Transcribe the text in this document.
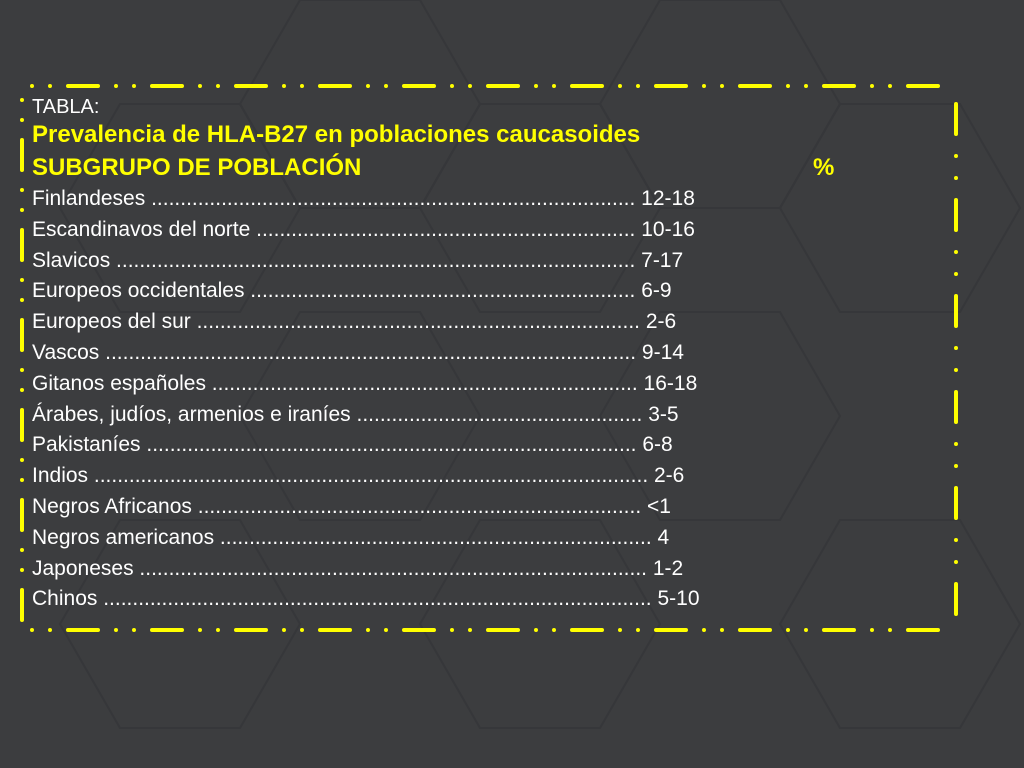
TABLA:

Prevalencia de HLA-B27 en poblaciones caucasoides

SUBGRUPO DE POBLACIÓN	%
Finlandeses ................................................................................... 12-18
Escandinavos del norte ................................................................. 10-16
Slavicos ......................................................................................... 7-17
Europeos occidentales .................................................................. 6-9
Europeos del sur ............................................................................ 2-6
Vascos ........................................................................................... 9-14
Gitanos españoles ......................................................................... 16-18
Árabes, judíos, armenios e iraníes ................................................. 3-5
Pakistaníes .................................................................................... 6-8
Indios ............................................................................................... 2-6
Negros Africanos ............................................................................ <1
Negros americanos .......................................................................... 4
Japoneses ....................................................................................... 1-2
Chinos .............................................................................................. 5-10
